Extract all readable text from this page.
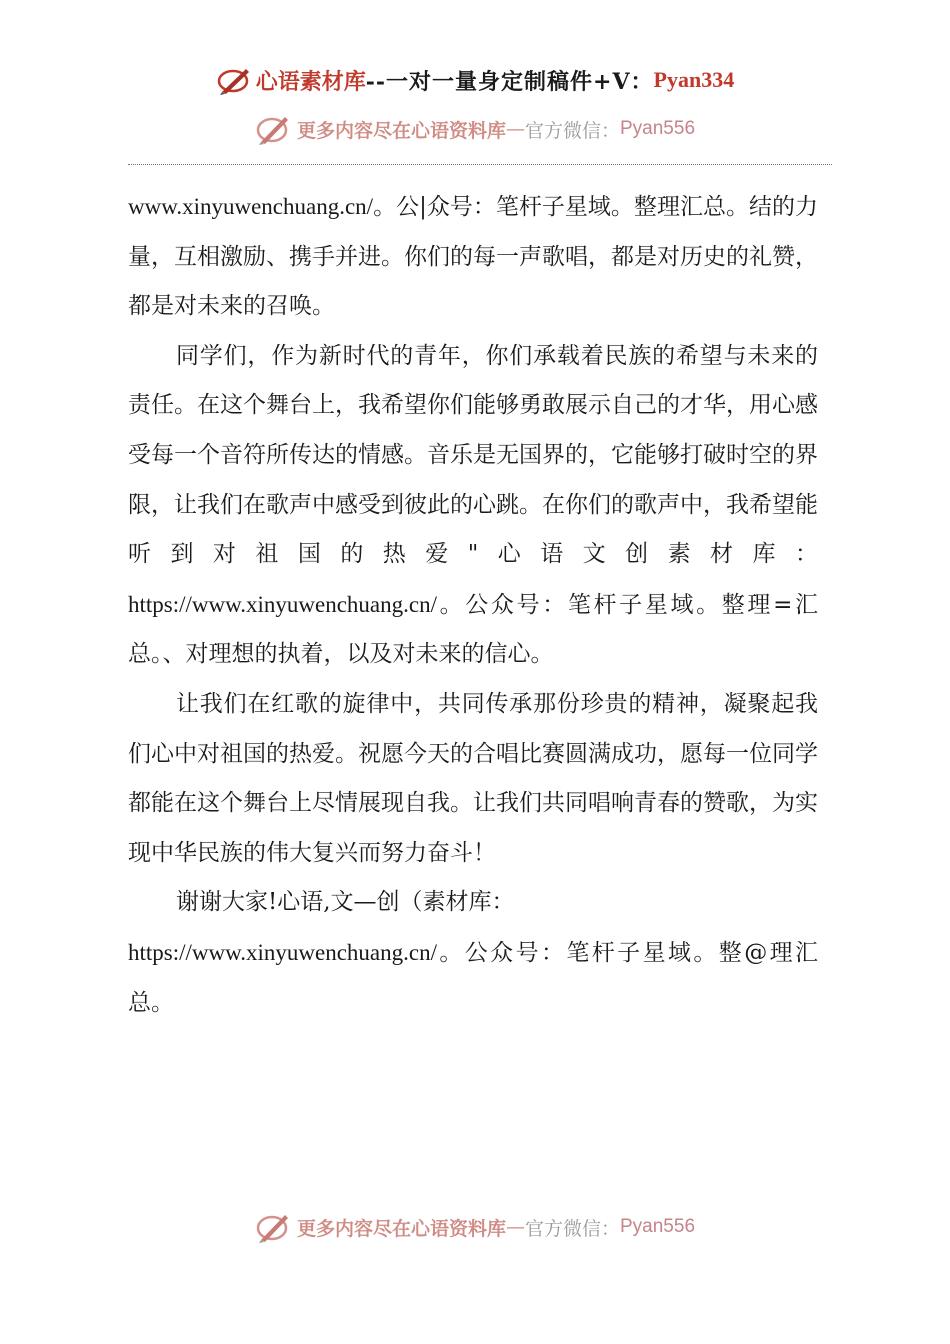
心语素材库 --一对一量身定制稿件+V： Pyan334
更多内容尽在心语资料库 — 官方微信： Pyan556

www.xinyuwenchuang.cn/。公|众号：笔杆子星域。整理汇总。结的力量，互相激励、携手并进。你们的每一声歌唱，都是对历史的礼赞，都是对未来的召唤。

同学们，作为新时代的青年，你们承载着民族的希望与未来的责任。在这个舞台上，我希望你们能够勇敢展示自己的才华，用心感受每一个音符所传达的情感。音乐是无国界的，它能够打破时空的界限，让我们在歌声中感受到彼此的心跳。在你们的歌声中，我希望能听到对祖国的热爱"心语文创素材库：https://www.xinyuwenchuang.cn/。公众号：笔杆子星域。整理=汇总。、对理想的执着，以及对未来的信心。

让我们在红歌的旋律中，共同传承那份珍贵的精神，凝聚起我们心中对祖国的热爱。祝愿今天的合唱比赛圆满成功，愿每一位同学都能在这个舞台上尽情展现自我。让我们共同唱响青春的赞歌，为实现中华民族的伟大复兴而努力奋斗！

谢谢大家!心语,文—创（素材库：

https://www.xinyuwenchuang.cn/。公众号：笔杆子星域。整@理汇总。

更多内容尽在心语资料库 — 官方微信： Pyan556
